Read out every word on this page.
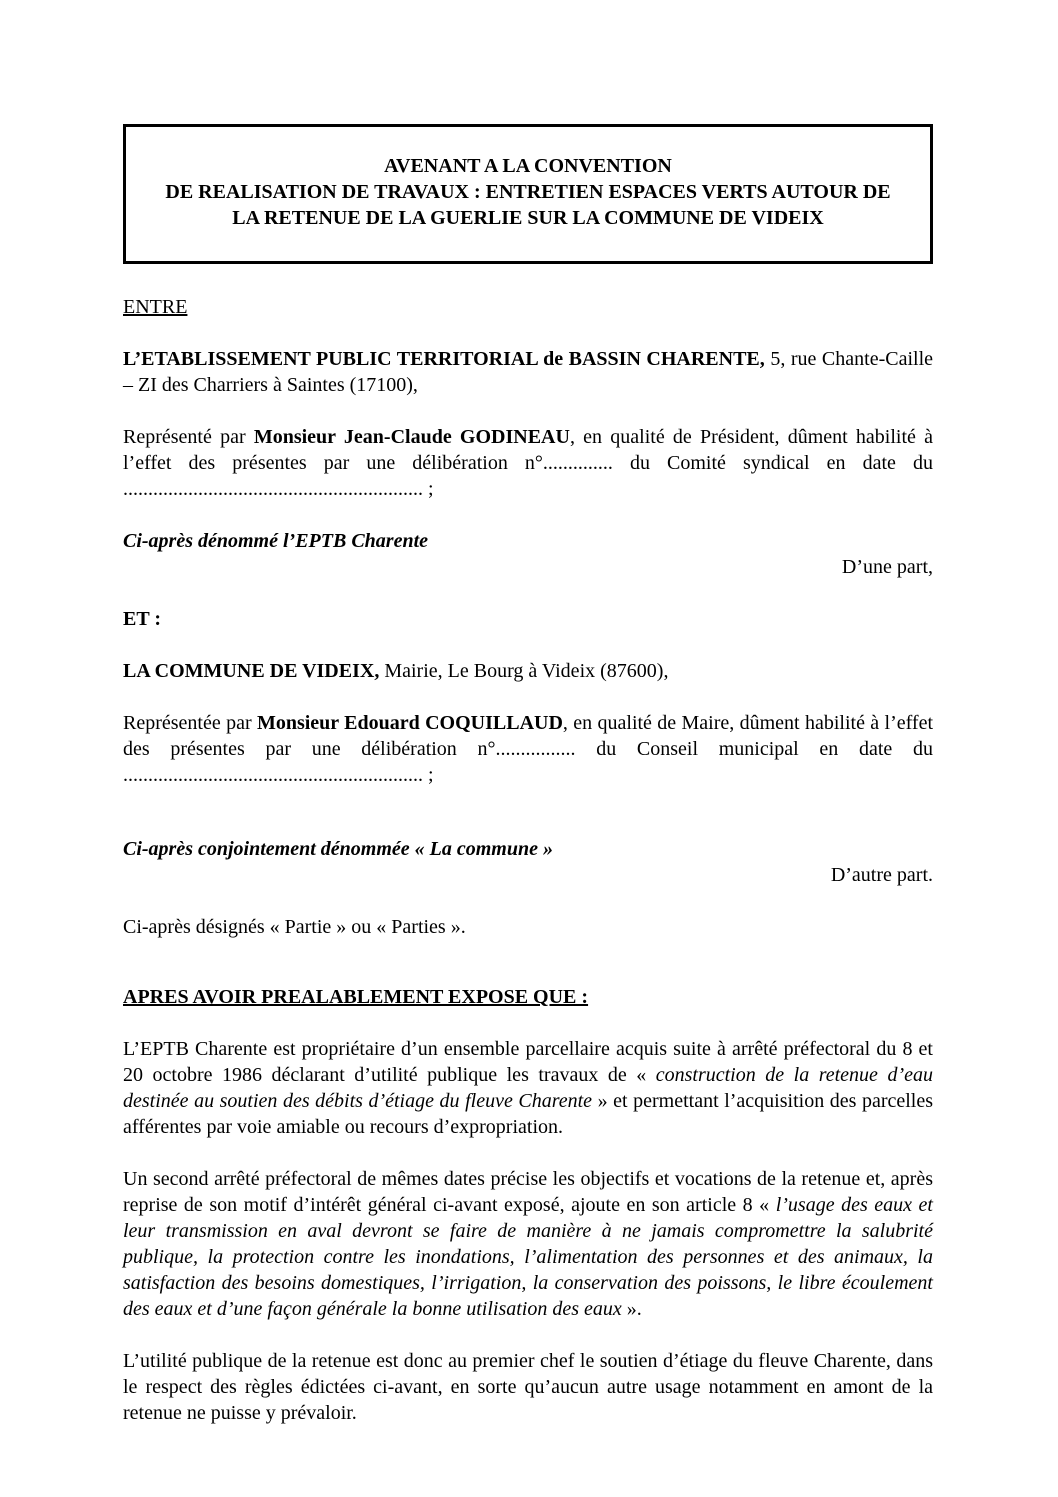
AVENANT A LA CONVENTION
DE REALISATION DE TRAVAUX : ENTRETIEN ESPACES VERTS AUTOUR DE
LA RETENUE DE LA GUERLIE SUR LA COMMUNE DE VIDEIX

ENTRE

L’ETABLISSEMENT PUBLIC TERRITORIAL de BASSIN CHARENTE, 5, rue Chante-Caille – ZI des Charriers à Saintes (17100),

Représenté par Monsieur Jean-Claude GODINEAU, en qualité de Président, dûment habilité à l’effet des présentes par une délibération n°.............. du Comité syndical en date du ............................................................ ;

Ci-après dénommé l’EPTB Charente

D’une part,

ET :

LA COMMUNE DE VIDEIX, Mairie, Le Bourg à Videix (87600),

Représentée par Monsieur Edouard COQUILLAUD, en qualité de Maire, dûment habilité à l’effet des présentes par une délibération n°................ du Conseil municipal en date du ............................................................ ;

Ci-après conjointement dénommée « La commune »

D’autre part.

Ci-après désignés « Partie » ou « Parties ».

APRES AVOIR PREALABLEMENT EXPOSE QUE :

L’EPTB Charente est propriétaire d’un ensemble parcellaire acquis suite à arrêté préfectoral du 8 et 20 octobre 1986 déclarant d’utilité publique les travaux de « construction de la retenue d’eau destinée au soutien des débits d’étiage du fleuve Charente » et permettant l’acquisition des parcelles afférentes par voie amiable ou recours d’expropriation.

Un second arrêté préfectoral de mêmes dates précise les objectifs et vocations de la retenue et, après reprise de son motif d’intérêt général ci-avant exposé, ajoute en son article 8 « l’usage des eaux et leur transmission en aval devront se faire de manière à ne jamais compromettre la salubrité publique, la protection contre les inondations, l’alimentation des personnes et des animaux, la satisfaction des besoins domestiques, l’irrigation, la conservation des poissons, le libre écoulement des eaux et d’une façon générale la bonne utilisation des eaux ».

L’utilité publique de la retenue est donc au premier chef le soutien d’étiage du fleuve Charente, dans le respect des règles édictées ci-avant, en sorte qu’aucun autre usage notamment en amont de la retenue ne puisse y prévaloir.
